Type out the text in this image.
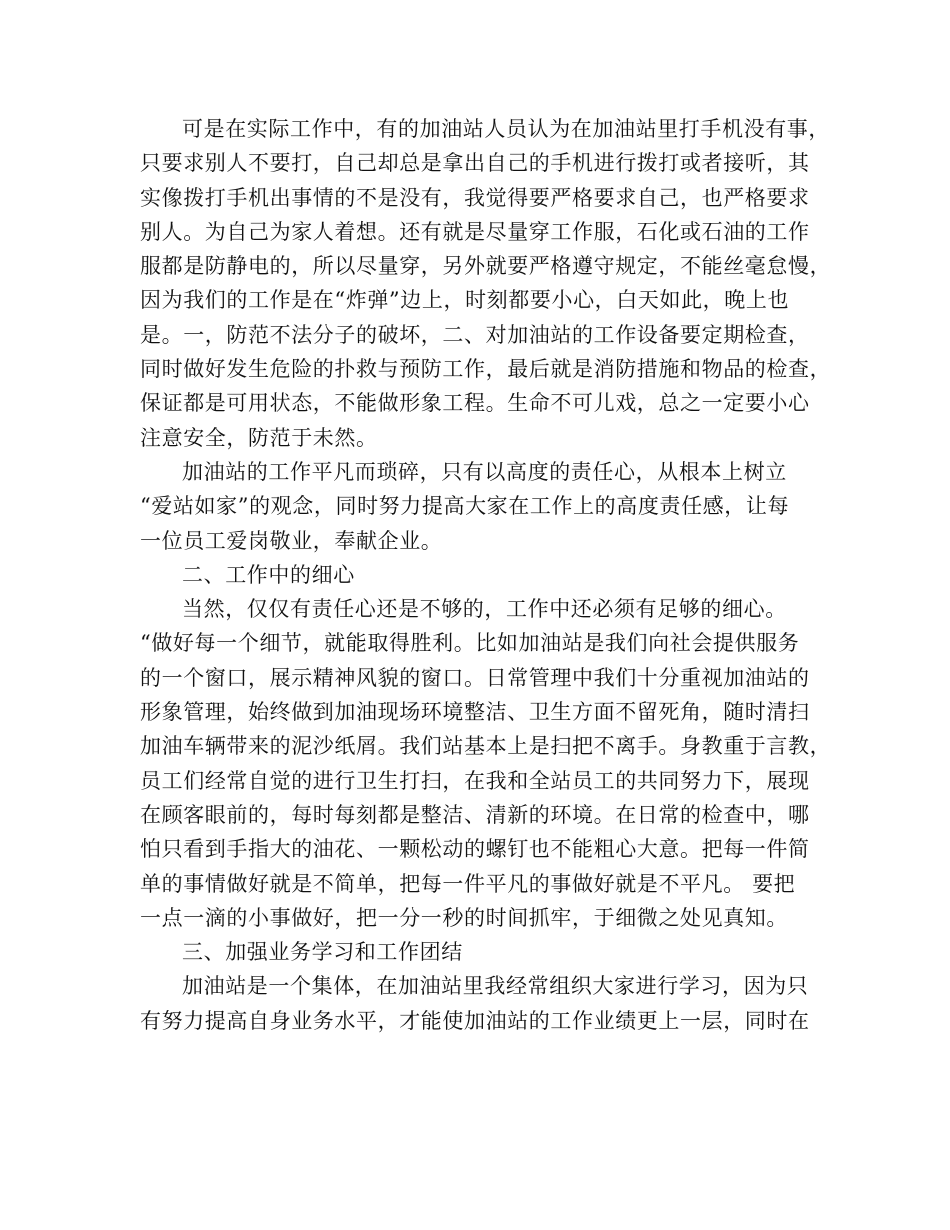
可是在实际工作中，有的加油站人员认为在加油站里打手机没有事，
只要求别人不要打，自己却总是拿出自己的手机进行拨打或者接听，其
实像拨打手机出事情的不是没有，我觉得要严格要求自己，也严格要求
别人。为自己为家人着想。还有就是尽量穿工作服，石化或石油的工作
服都是防静电的，所以尽量穿，另外就要严格遵守规定，不能丝毫怠慢，
因为我们的工作是在“炸弹”边上，时刻都要小心，白天如此，晚上也
是。一，防范不法分子的破坏，二、对加油站的工作设备要定期检查，
同时做好发生危险的扑救与预防工作，最后就是消防措施和物品的检查，
保证都是可用状态，不能做形象工程。生命不可儿戏，总之一定要小心
注意安全，防范于未然。
加油站的工作平凡而琐碎，只有以高度的责任心，从根本上树立
“爱站如家”的观念，同时努力提高大家在工作上的高度责任感，让每
一位员工爱岗敬业，奉献企业。
二、工作中的细心
当然，仅仅有责任心还是不够的，工作中还必须有足够的细心。
“做好每一个细节，就能取得胜利。比如加油站是我们向社会提供服务
的一个窗口，展示精神风貌的窗口。日常管理中我们十分重视加油站的
形象管理，始终做到加油现场环境整洁、卫生方面不留死角，随时清扫
加油车辆带来的泥沙纸屑。我们站基本上是扫把不离手。身教重于言教，
员工们经常自觉的进行卫生打扫，在我和全站员工的共同努力下，展现
在顾客眼前的，每时每刻都是整洁、清新的环境。在日常的检查中，哪
怕只看到手指大的油花、一颗松动的螺钉也不能粗心大意。把每一件简
单的事情做好就是不简单，把每一件平凡的事做好就是不平凡。 要把
一点一滴的小事做好，把一分一秒的时间抓牢，于细微之处见真知。
三、加强业务学习和工作团结
加油站是一个集体，在加油站里我经常组织大家进行学习，因为只
有努力提高自身业务水平，才能使加油站的工作业绩更上一层，同时在
